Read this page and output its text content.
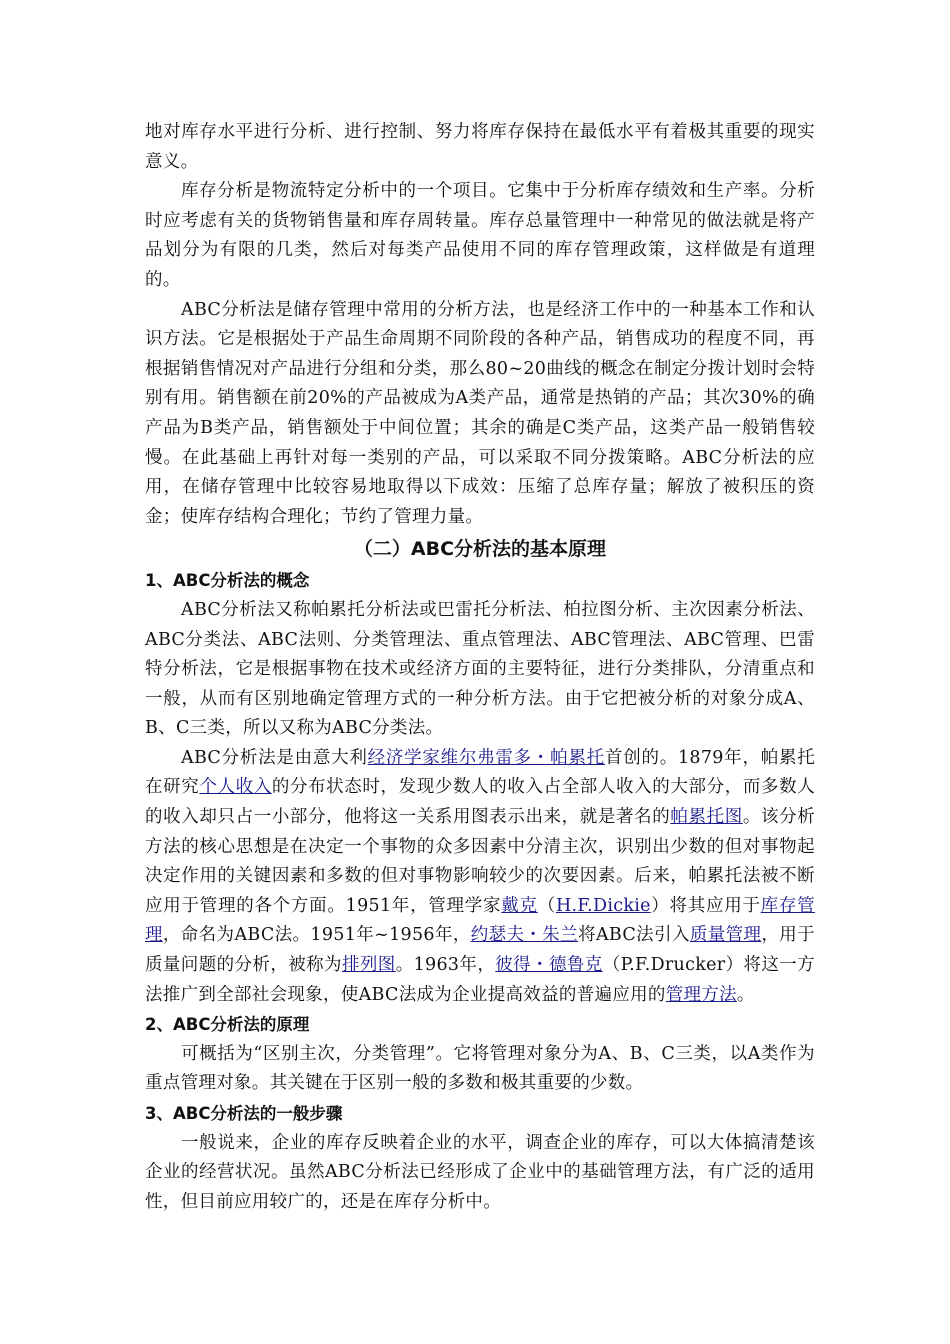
地对库存水平进行分析、进行控制、努力将库存保持在最低水平有着极其重要的现实意义。

库存分析是物流特定分析中的一个项目。它集中于分析库存绩效和生产率。分析时应考虑有关的货物销售量和库存周转量。库存总量管理中一种常见的做法就是将产品划分为有限的几类，然后对每类产品使用不同的库存管理政策，这样做是有道理的。

ABC分析法是储存管理中常用的分析方法，也是经济工作中的一种基本工作和认识方法。它是根据处于产品生命周期不同阶段的各种产品，销售成功的程度不同，再根据销售情况对产品进行分组和分类，那么80~20曲线的概念在制定分拨计划时会特别有用。销售额在前20%的产品被成为A类产品，通常是热销的产品；其次30%的确产品为B类产品，销售额处于中间位置；其余的确是C类产品，这类产品一般销售较慢。在此基础上再针对每一类别的产品，可以采取不同分拨策略。ABC分析法的应用，在储存管理中比较容易地取得以下成效：压缩了总库存量；解放了被积压的资金；使库存结构合理化；节约了管理力量。

（二）ABC分析法的基本原理
1、ABC分析法的概念

ABC分析法又称帕累托分析法或巴雷托分析法、柏拉图分析、主次因素分析法、ABC分类法、ABC法则、分类管理法、重点管理法、ABC管理法、ABC管理、巴雷特分析法，它是根据事物在技术或经济方面的主要特征，进行分类排队，分清重点和一般，从而有区别地确定管理方式的一种分析方法。由于它把被分析的对象分成A、B、C三类，所以又称为ABC分类法。

ABC分析法是由意大利经济学家维尔弗雷多・帕累托首创的。1879年，帕累托在研究个人收入的分布状态时，发现少数人的收入占全部人收入的大部分，而多数人的收入却只占一小部分，他将这一关系用图表示出来，就是著名的帕累托图。该分析方法的核心思想是在决定一个事物的众多因素中分清主次，识别出少数的但对事物起决定作用的关键因素和多数的但对事物影响较少的次要因素。后来，帕累托法被不断应用于管理的各个方面。1951年，管理学家戴克（H.F.Dickie）将其应用于库存管理，命名为ABC法。1951年~1956年，约瑟夫・朱兰将ABC法引入质量管理，用于质量问题的分析，被称为排列图。1963年，彼得・德鲁克（P.F.Drucker）将这一方法推广到全部社会现象，使ABC法成为企业提高效益的普遍应用的管理方法。

2、ABC分析法的原理

可概括为“区别主次，分类管理”。它将管理对象分为A、B、C三类，以A类作为重点管理对象。其关键在于区别一般的多数和极其重要的少数。

3、ABC分析法的一般步骤

一般说来，企业的库存反映着企业的水平，调查企业的库存，可以大体搞清楚该企业的经营状况。虽然ABC分析法已经形成了企业中的基础管理方法，有广泛的适用性，但目前应用较广的，还是在库存分析中。
